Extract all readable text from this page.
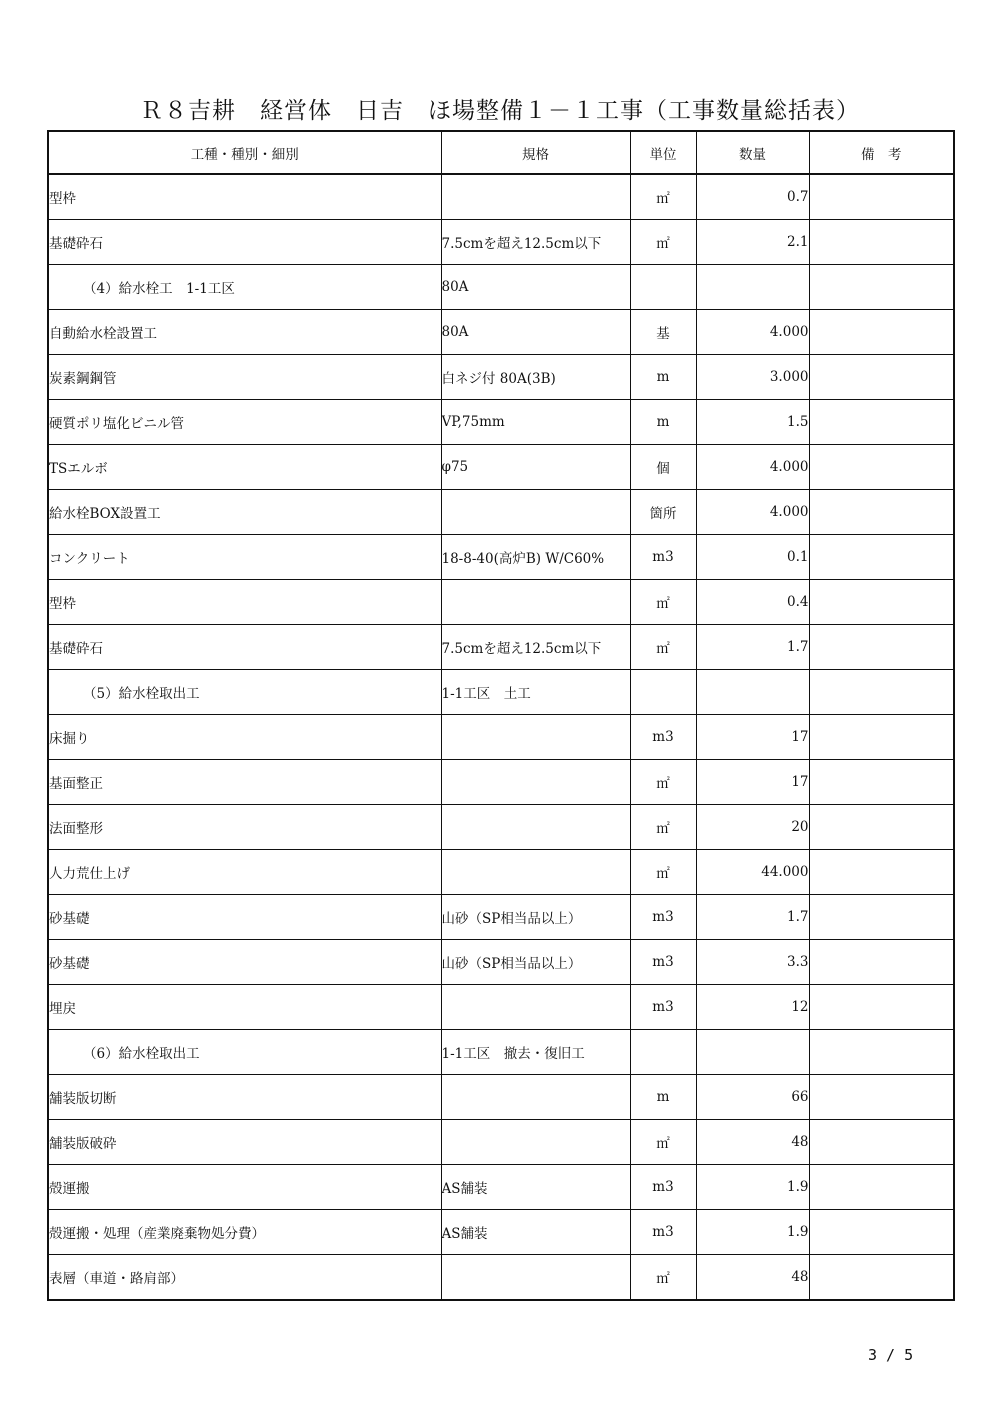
Ｒ８吉耕　経営体　日吉　ほ場整備１－１工事（工事数量総括表）
工種・種別・細別	規格	単位	数量	備　考
型枠		㎡	0.7	
基礎砕石	7.5cmを超え12.5cm以下	㎡	2.1	
（4）給水栓工　1-1工区	80A			
自動給水栓設置工	80A	基	4.000	
炭素鋼鋼管	白ネジ付 80A(3B)	m	3.000	
硬質ポリ塩化ビニル管	VP,75mm	m	1.5	
TSエルボ	φ75	個	4.000	
給水栓BOX設置工		箇所	4.000	
コンクリート	18-8-40(高炉B) W/C60%	m3	0.1	
型枠		㎡	0.4	
基礎砕石	7.5cmを超え12.5cm以下	㎡	1.7	
（5）給水栓取出工	1-1工区　土工			
床掘り		m3	17	
基面整正		㎡	17	
法面整形		㎡	20	
人力荒仕上げ		㎡	44.000	
砂基礎	山砂（SP相当品以上）	m3	1.7	
砂基礎	山砂（SP相当品以上）	m3	3.3	
埋戻		m3	12	
（6）給水栓取出工	1-1工区　撤去・復旧工			
舗装版切断		m	66	
舗装版破砕		㎡	48	
殻運搬	AS舗装	m3	1.9	
殻運搬・処理（産業廃棄物処分費）	AS舗装	m3	1.9	
表層（車道・路肩部）		㎡	48	
3 / 5
